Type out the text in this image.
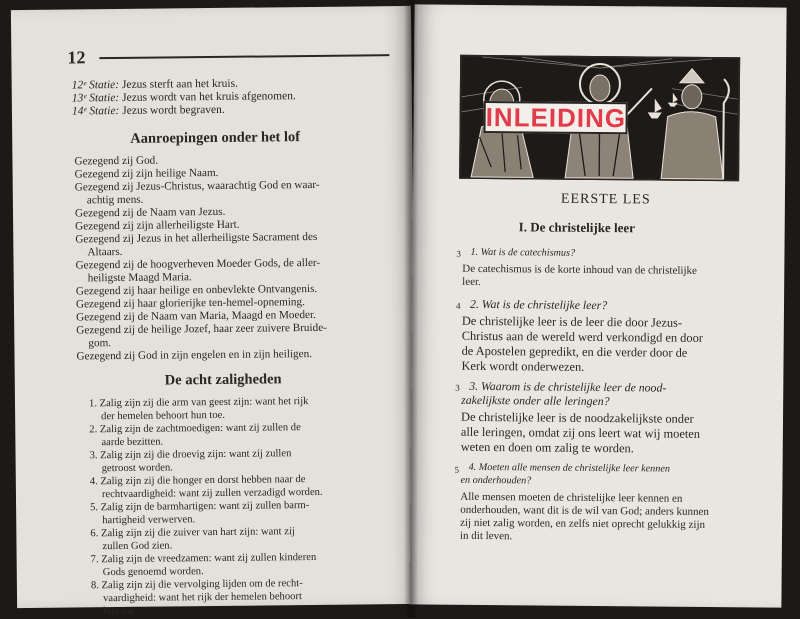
12
12ᵉ Statie: Jezus sterft aan het kruis.
13ᵉ Statie: Jezus wordt van het kruis afgenomen.
14ᵉ Statie: Jezus wordt begraven.
Aanroepingen onder het lof
Gezegend zij God.
Gezegend zij zijn heilige Naam.
Gezegend zij Jezus-Christus, waarachtig God en waar-
achtig mens.
Gezegend zij de Naam van Jezus.
Gezegend zij zijn allerheiligste Hart.
Gezegend zij Jezus in het allerheiligste Sacrament des
Altaars.
Gezegend zij de hoogverheven Moeder Gods, de aller-
heiligste Maagd Maria.
Gezegend zij haar heilige en onbevlekte Ontvangenis.
Gezegend zij haar glorierijke ten-hemel-opneming.
Gezegend zij de Naam van Maria, Maagd en Moeder.
Gezegend zij de heilige Jozef, haar zeer zuivere Bruide-
gom.
Gezegend zij God in zijn engelen en in zijn heiligen.
De acht zaligheden
1. Zalig zijn zij die arm van geest zijn: want het rijk
der hemelen behoort hun toe.
2. Zalig zijn de zachtmoedigen: want zij zullen de
aarde bezitten.
3. Zalig zijn zij die droevig zijn: want zij zullen
getroost worden.
4. Zalig zijn zij die honger en dorst hebben naar de
rechtvaardigheid: want zij zullen verzadigd worden.
5. Zalig zijn de barmhartigen: want zij zullen barm-
hartigheid verwerven.
6. Zalig zijn zij die zuiver van hart zijn: want zij
zullen God zien.
7. Zalig zijn de vreedzamen: want zij zullen kinderen
Gods genoemd worden.
8. Zalig zijn zij die vervolging lijden om de recht-
vaardigheid: want het rijk der hemelen behoort
hun toe.
INLEIDING
EERSTE LES
I. De christelijke leer
3 1. Wat is de catechismus?
De catechismus is de korte inhoud van de christelijke
leer.
4 2. Wat is de christelijke leer?
De christelijke leer is de leer die door Jezus-
Christus aan de wereld werd verkondigd en door
de Apostelen gepredikt, en die verder door de
Kerk wordt onderwezen.
3 3. Waarom is de christelijke leer de nood-
zakelijkste onder alle leringen?
De christelijke leer is de noodzakelijkste onder
alle leringen, omdat zij ons leert wat wij moeten
weten en doen om zalig te worden.
5 4. Moeten alle mensen de christelijke leer kennen
en onderhouden?
Alle mensen moeten de christelijke leer kennen en
onderhouden, want dit is de wil van God; anders kunnen
zij niet zalig worden, en zelfs niet oprecht gelukkig zijn
in dit leven.
